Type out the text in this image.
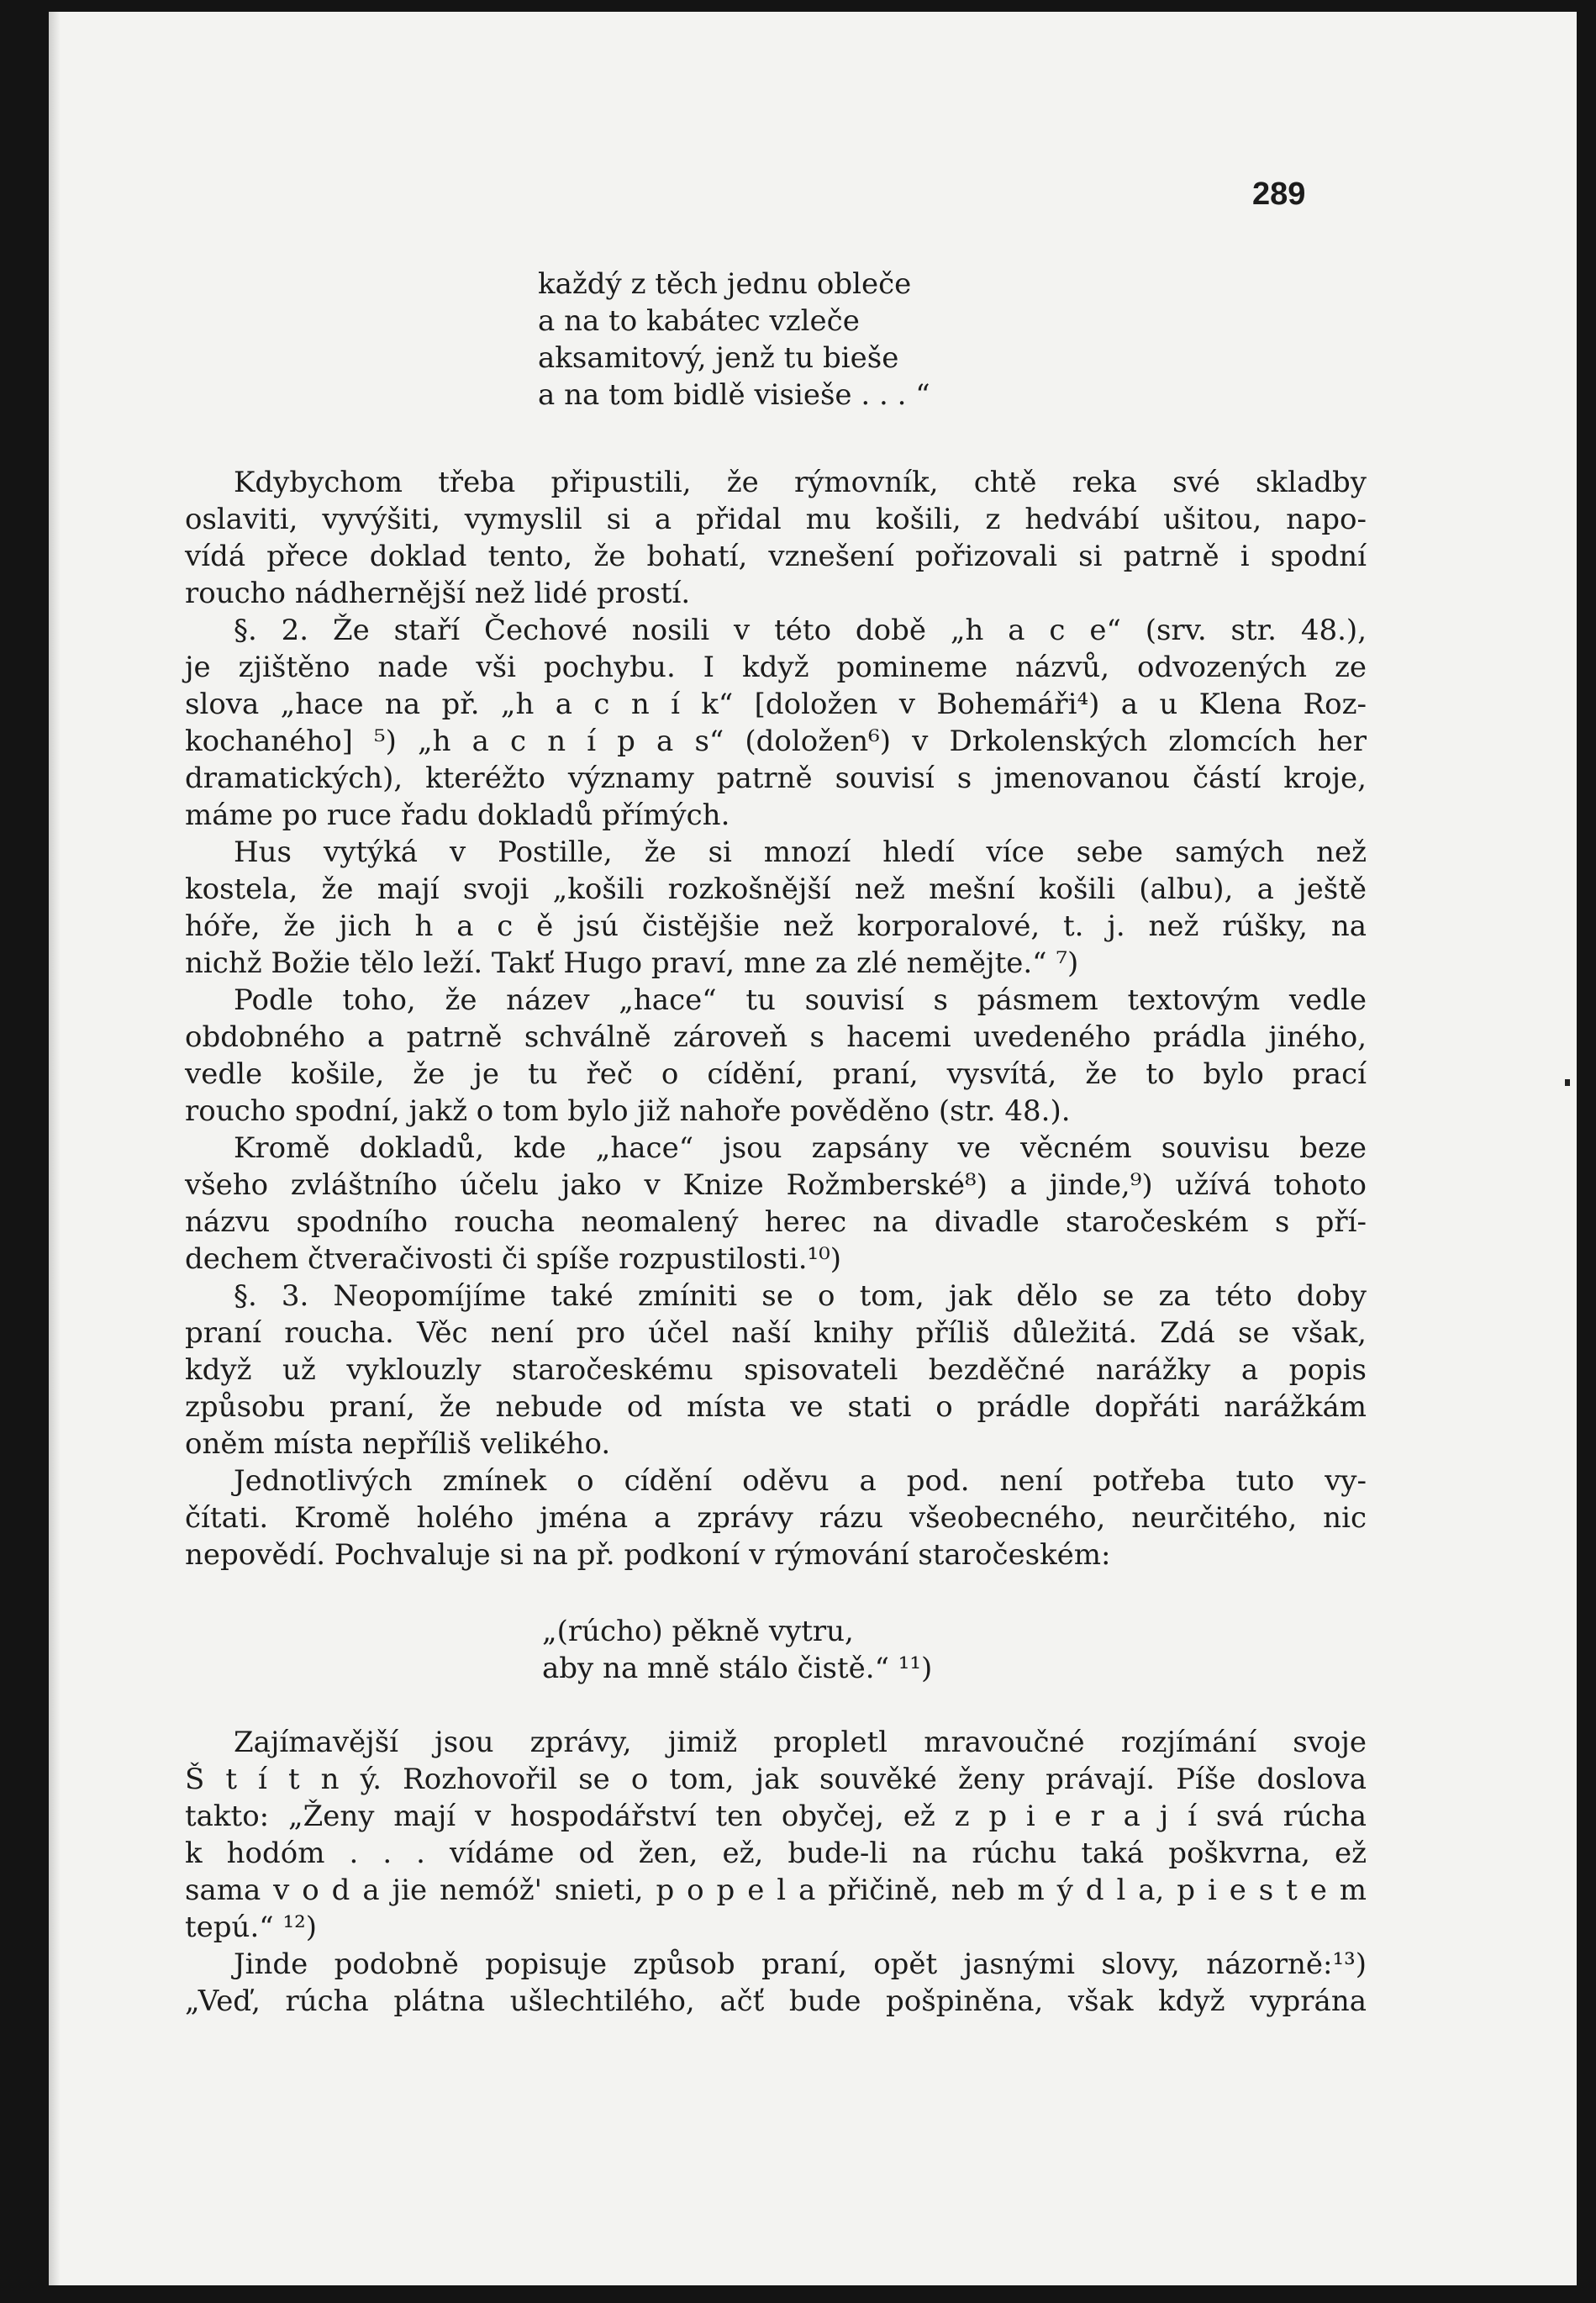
289
každý z těch jednu obleče
a na to kabátec vzleče
aksamitový, jenž tu bieše
a na tom bidlě visieše . . . “

Kdybychom třeba připustili, že rýmovník, chtě reka své skladby
oslaviti, vyvýšiti, vymyslil si a přidal mu košili, z hedvábí ušitou, napo-
vídá přece doklad tento, že bohatí, vznešení pořizovali si patrně i spodní
roucho nádhernější než lidé prostí.

§. 2. Že staří Čechové nosili v této době „h a c e“ (srv. str. 48.),
je zjištěno nade vši pochybu. I když pomineme názvů, odvozených ze
slova „hace na př. „h a c n í k“ [doložen v Bohemáři⁴) a u Klena Roz-
kochaného] ⁵) „h a c n í p a s“ (doložen⁶) v Drkolenských zlomcích her
dramatických), kteréžto významy patrně souvisí s jmenovanou částí kroje,
máme po ruce řadu dokladů přímých.

Hus vytýká v Postille, že si mnozí hledí více sebe samých než
kostela, že mají svoji „košili rozkošnější než mešní košili (albu), a ještě
hóře, že jich h a c ě jsú čistějšie než korporalové, t. j. než rúšky, na
nichž Božie tělo leží. Takť Hugo praví, mne za zlé nemějte.“ ⁷)

Podle toho, že název „hace“ tu souvisí s pásmem textovým vedle
obdobného a patrně schválně zároveň s hacemi uvedeného prádla jiného,
vedle košile, že je tu řeč o cídění, praní, vysvítá, že to bylo prací
roucho spodní, jakž o tom bylo již nahoře pověděno (str. 48.).

Kromě dokladů, kde „hace“ jsou zapsány ve věcném souvisu beze
všeho zvláštního účelu jako v Knize Rožmberské⁸) a jinde,⁹) užívá tohoto
názvu spodního roucha neomalený herec na divadle staročeském s pří-
dechem čtveračivosti či spíše rozpustilosti.¹⁰)

§. 3. Neopomíjíme také zmíniti se o tom, jak dělo se za této doby
praní roucha. Věc není pro účel naší knihy příliš důležitá. Zdá se však,
když už vyklouzly staročeskému spisovateli bezděčné narážky a popis
způsobu praní, že nebude od místa ve stati o prádle dopřáti narážkám
oněm místa nepříliš velikého.

Jednotlivých zmínek o cídění oděvu a pod. není potřeba tuto vy-
čítati. Kromě holého jména a zprávy rázu všeobecného, neurčitého, nic
nepovědí. Pochvaluje si na př. podkoní v rýmování staročeském:

„(rúcho) pěkně vytru,
aby na mně stálo čistě.“ ¹¹)

Zajímavější jsou zprávy, jimiž propletl mravoučné rozjímání svoje
Š t í t n ý. Rozhovořil se o tom, jak souvěké ženy právají. Píše doslova
takto: „Ženy mají v hospodářství ten obyčej, ež z p i e r a j í svá rúcha
k hodóm . . . vídáme od žen, ež, bude-li na rúchu taká poškvrna, ež
sama v o d a jie nemóž' snieti, p o p e l a přičině, neb m ý d l a, p i e s t e m
tepú.“ ¹²)

Jinde podobně popisuje způsob praní, opět jasnými slovy, názorně:¹³)
„Veď, rúcha plátna ušlechtilého, ačť bude pošpiněna, však když vyprána
